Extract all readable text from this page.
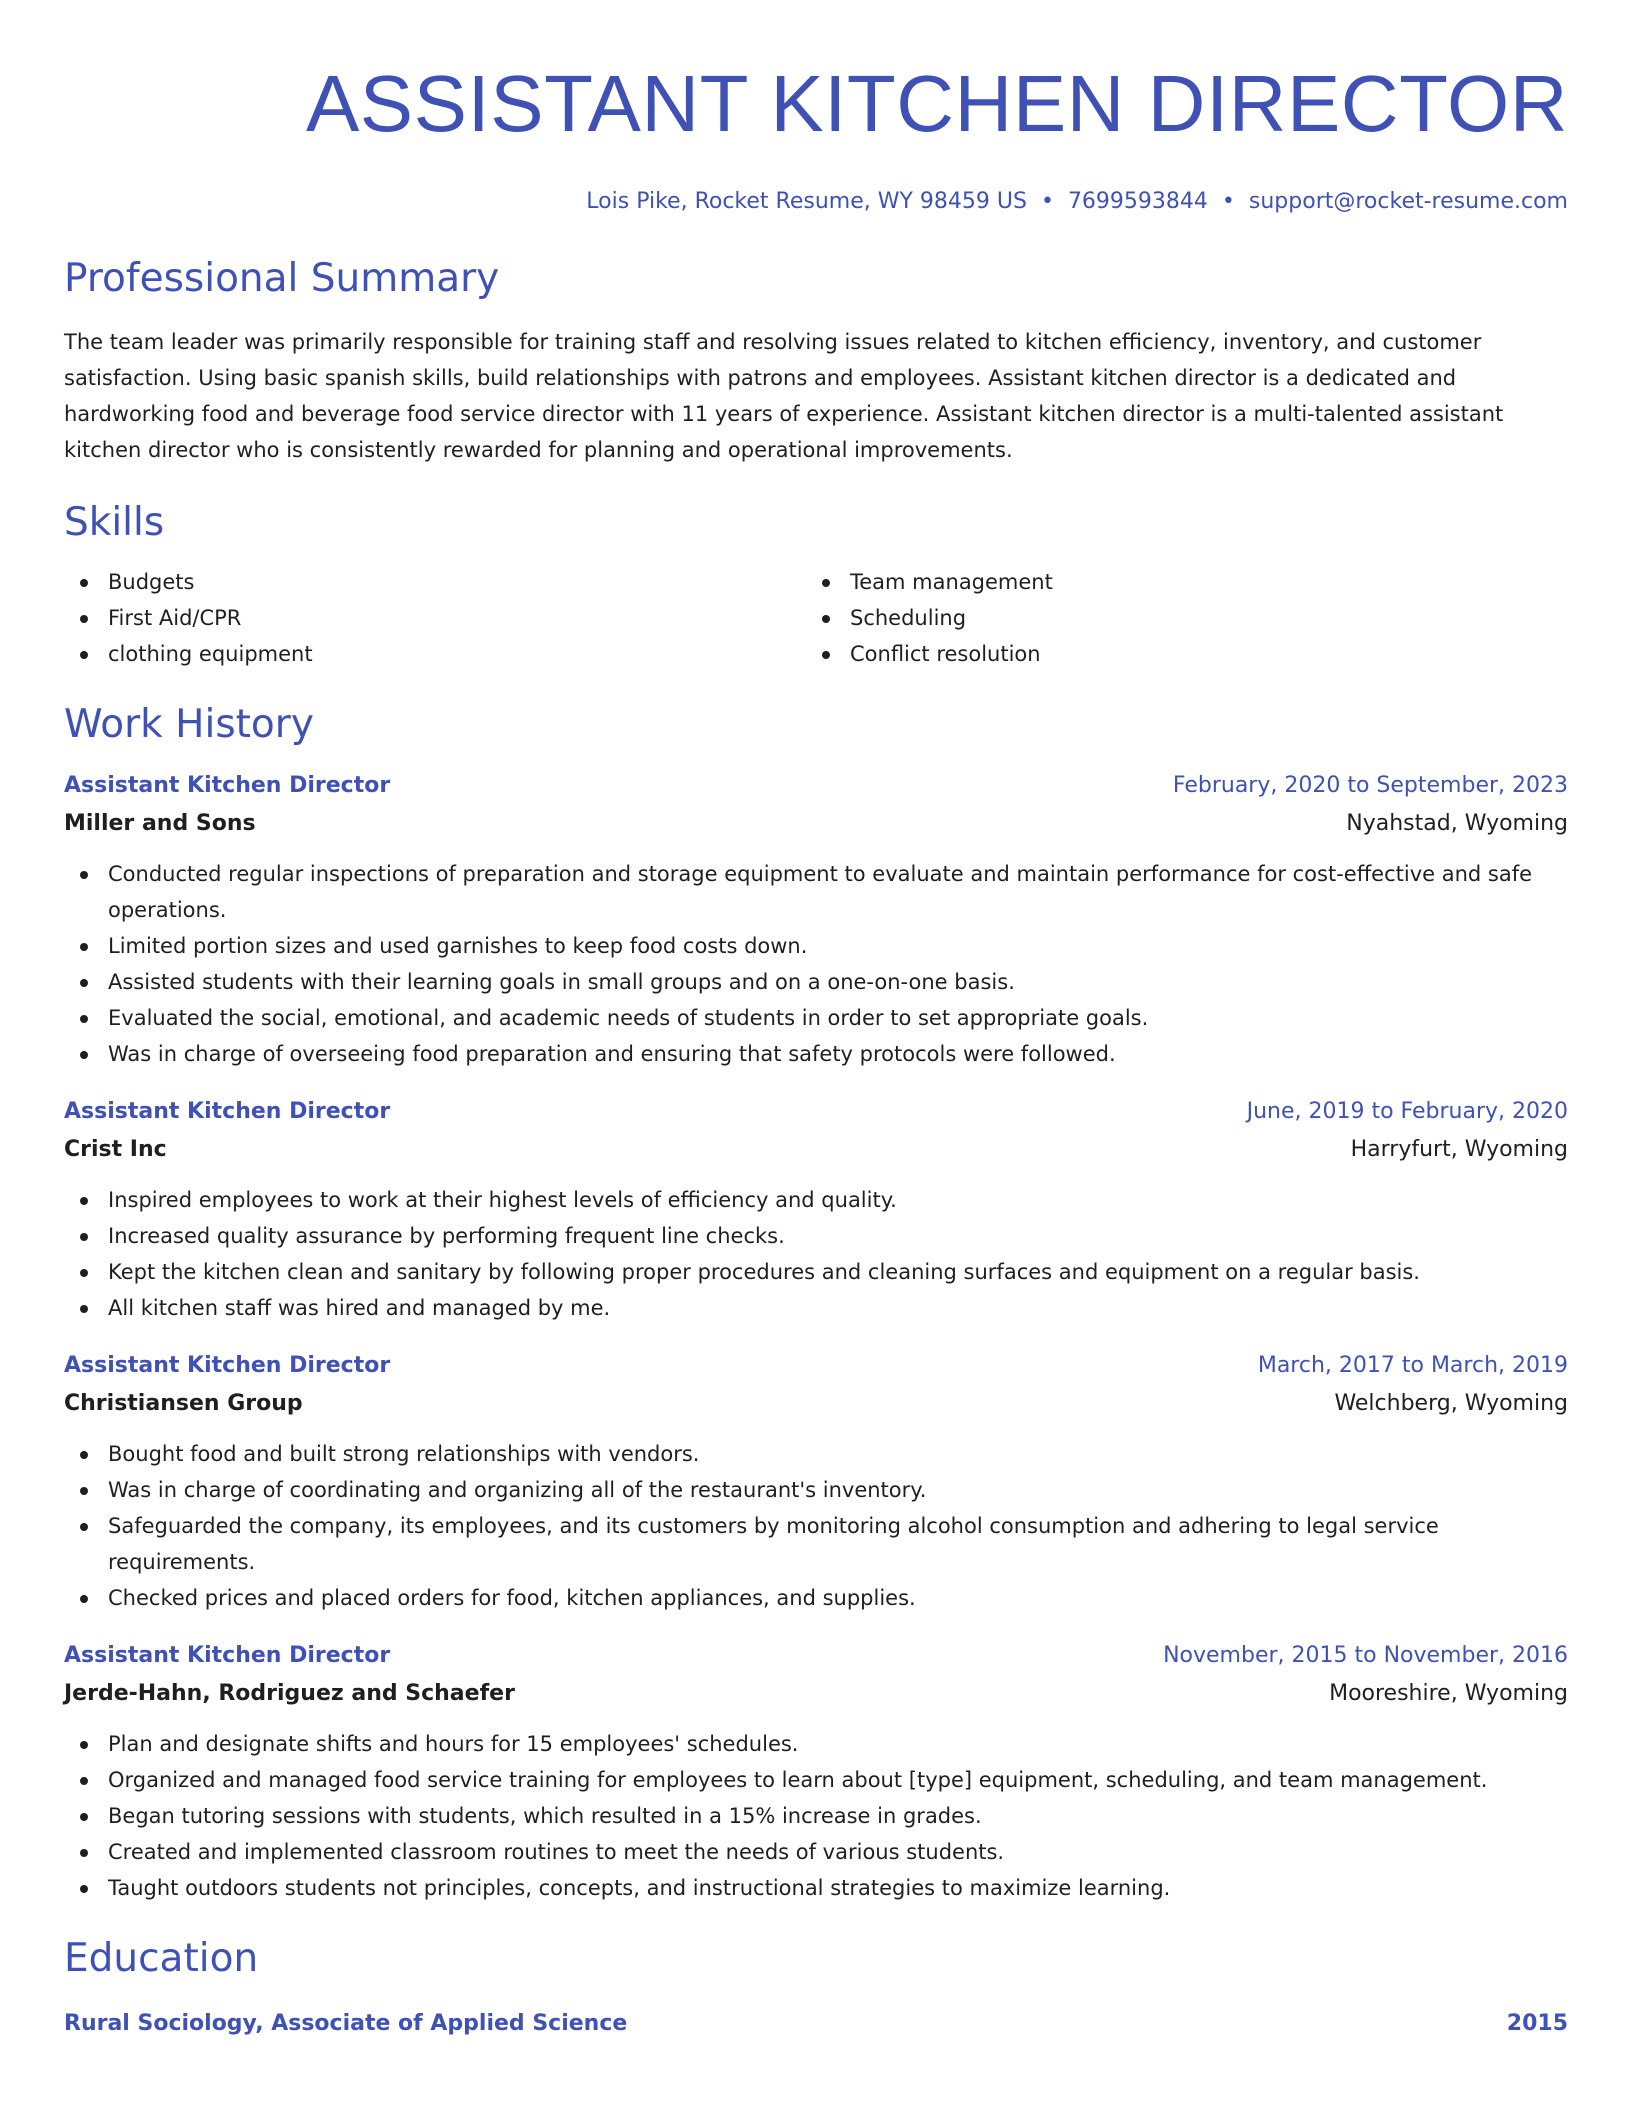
ASSISTANT KITCHEN DIRECTOR
Lois Pike, Rocket Resume, WY 98459 US • 7699593844 • support@rocket-resume.com
Professional Summary

The team leader was primarily responsible for training staff and resolving issues related to kitchen efficiency, inventory, and customer satisfaction. Using basic spanish skills, build relationships with patrons and employees. Assistant kitchen director is a dedicated and hardworking food and beverage food service director with 11 years of experience. Assistant kitchen director is a multi-talented assistant kitchen director who is consistently rewarded for planning and operational improvements.

Skills
Budgets
First Aid/CPR
clothing equipment
Team management
Scheduling
Conflict resolution
Work History
Assistant Kitchen Director	February, 2020 to September, 2023
Miller and Sons	Nyahstad, Wyoming
Conducted regular inspections of preparation and storage equipment to evaluate and maintain performance for cost-effective and safe operations.
Limited portion sizes and used garnishes to keep food costs down.
Assisted students with their learning goals in small groups and on a one-on-one basis.
Evaluated the social, emotional, and academic needs of students in order to set appropriate goals.
Was in charge of overseeing food preparation and ensuring that safety protocols were followed.
Assistant Kitchen Director	June, 2019 to February, 2020
Crist Inc	Harryfurt, Wyoming
Inspired employees to work at their highest levels of efficiency and quality.
Increased quality assurance by performing frequent line checks.
Kept the kitchen clean and sanitary by following proper procedures and cleaning surfaces and equipment on a regular basis.
All kitchen staff was hired and managed by me.
Assistant Kitchen Director	March, 2017 to March, 2019
Christiansen Group	Welchberg, Wyoming
Bought food and built strong relationships with vendors.
Was in charge of coordinating and organizing all of the restaurant's inventory.
Safeguarded the company, its employees, and its customers by monitoring alcohol consumption and adhering to legal service requirements.
Checked prices and placed orders for food, kitchen appliances, and supplies.
Assistant Kitchen Director	November, 2015 to November, 2016
Jerde-Hahn, Rodriguez and Schaefer	Mooreshire, Wyoming
Plan and designate shifts and hours for 15 employees' schedules.
Organized and managed food service training for employees to learn about [type] equipment, scheduling, and team management.
Began tutoring sessions with students, which resulted in a 15% increase in grades.
Created and implemented classroom routines to meet the needs of various students.
Taught outdoors students not principles, concepts, and instructional strategies to maximize learning.
Education
Rural Sociology, Associate of Applied Science	2015
